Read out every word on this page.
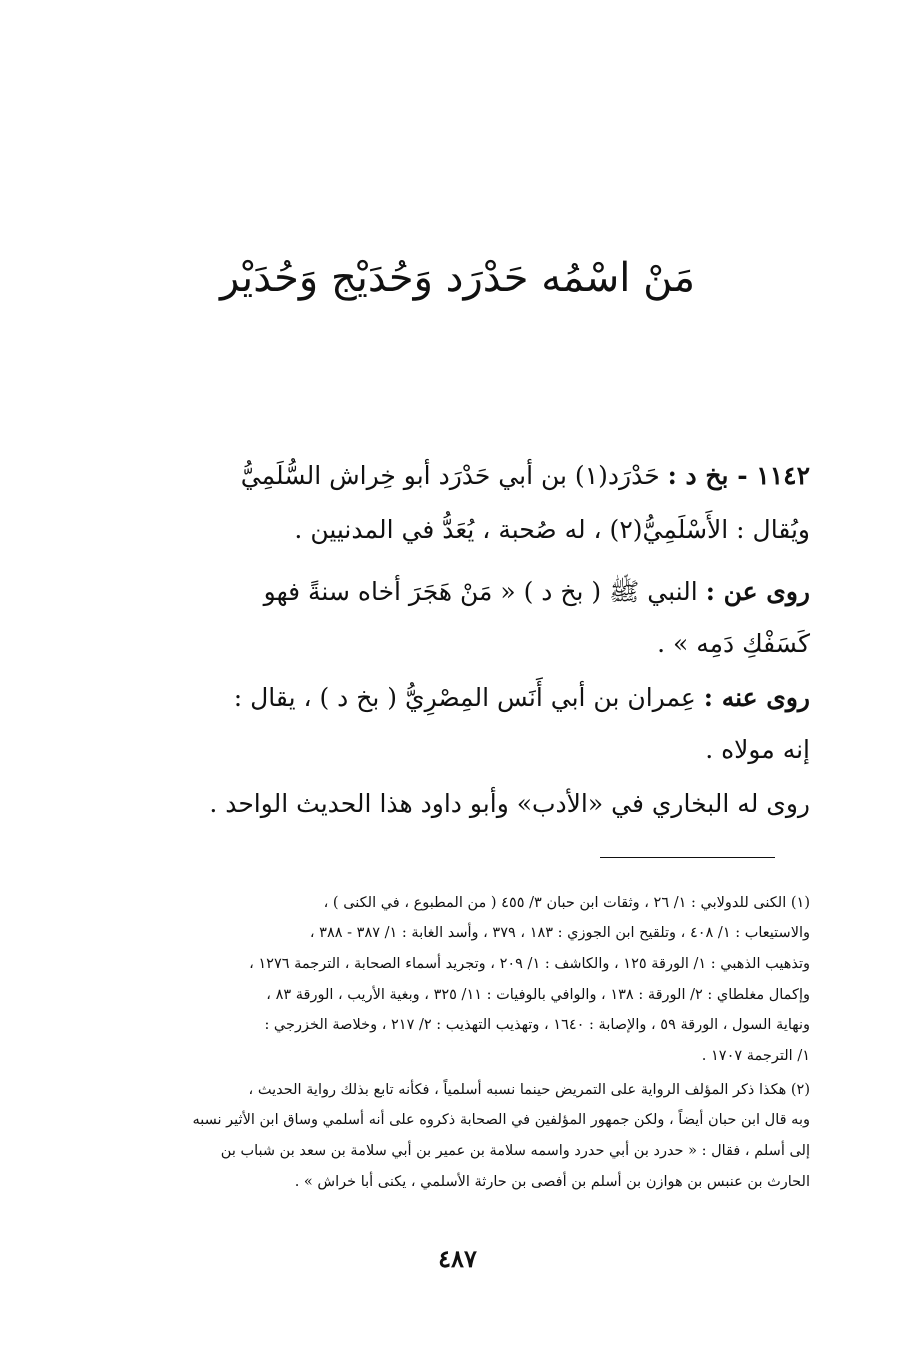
مَنْ اسْمُه حَدْرَد وَحُدَيْج وَحُدَيْر
١١٤٢ - بخ د : حَدْرَد(١) بن أبي حَدْرَد أبو خِراش السُّلَمِيُّ
ويُقال : الأَسْلَمِيُّ(٢) ، له صُحبة ، يُعَدُّ في المدنيين .
روى عن : النبي ﷺ ( بخ د ) « مَنْ هَجَرَ أخاه سنةً فهو
كَسَفْكِ دَمِه » .
روى عنه : عِمران بن أبي أَنَس المِصْرِيُّ ( بخ د ) ، يقال :
إنه مولاه .
روى له البخاري في «الأدب» وأبو داود هذا الحديث الواحد .
(١) الكنى للدولابي : ١/ ٢٦ ، وثقات ابن حبان ٣/ ٤٥٥ ( من المطبوع ، في الكنى ) ،
والاستيعاب : ١/ ٤٠٨ ، وتلقيح ابن الجوزي : ١٨٣ ، ٣٧٩ ، وأسد الغابة : ١/ ٣٨٧ - ٣٨٨ ،
وتذهيب الذهبي : ١/ الورقة ١٢٥ ، والكاشف : ١/ ٢٠٩ ، وتجريد أسماء الصحابة ، الترجمة ١٢٧٦ ،
وإكمال مغلطاي : ٢/ الورقة : ١٣٨ ، والوافي بالوفيات : ١١/ ٣٢٥ ، وبغية الأريب ، الورقة ٨٣ ،
ونهاية السول ، الورقة ٥٩ ، والإصابة : ١٦٤٠ ، وتهذيب التهذيب : ٢/ ٢١٧ ، وخلاصة الخزرجي :
١/ الترجمة ١٧٠٧ .
(٢) هكذا ذكر المؤلف الرواية على التمريض حينما نسبه أسلمياً ، فكأنه تابع بذلك رواية الحديث ،
وبه قال ابن حبان أيضاً ، ولكن جمهور المؤلفين في الصحابة ذكروه على أنه أسلمي وساق ابن الأثير نسبه
إلى أسلم ، فقال : « حدرد بن أبي حدرد واسمه سلامة بن عمير بن أبي سلامة بن سعد بن شباب بن
الحارث بن عنبس بن هوازن بن أسلم بن أفصى بن حارثة الأسلمي ، يكنى أبا خراش » .
٤٨٧
